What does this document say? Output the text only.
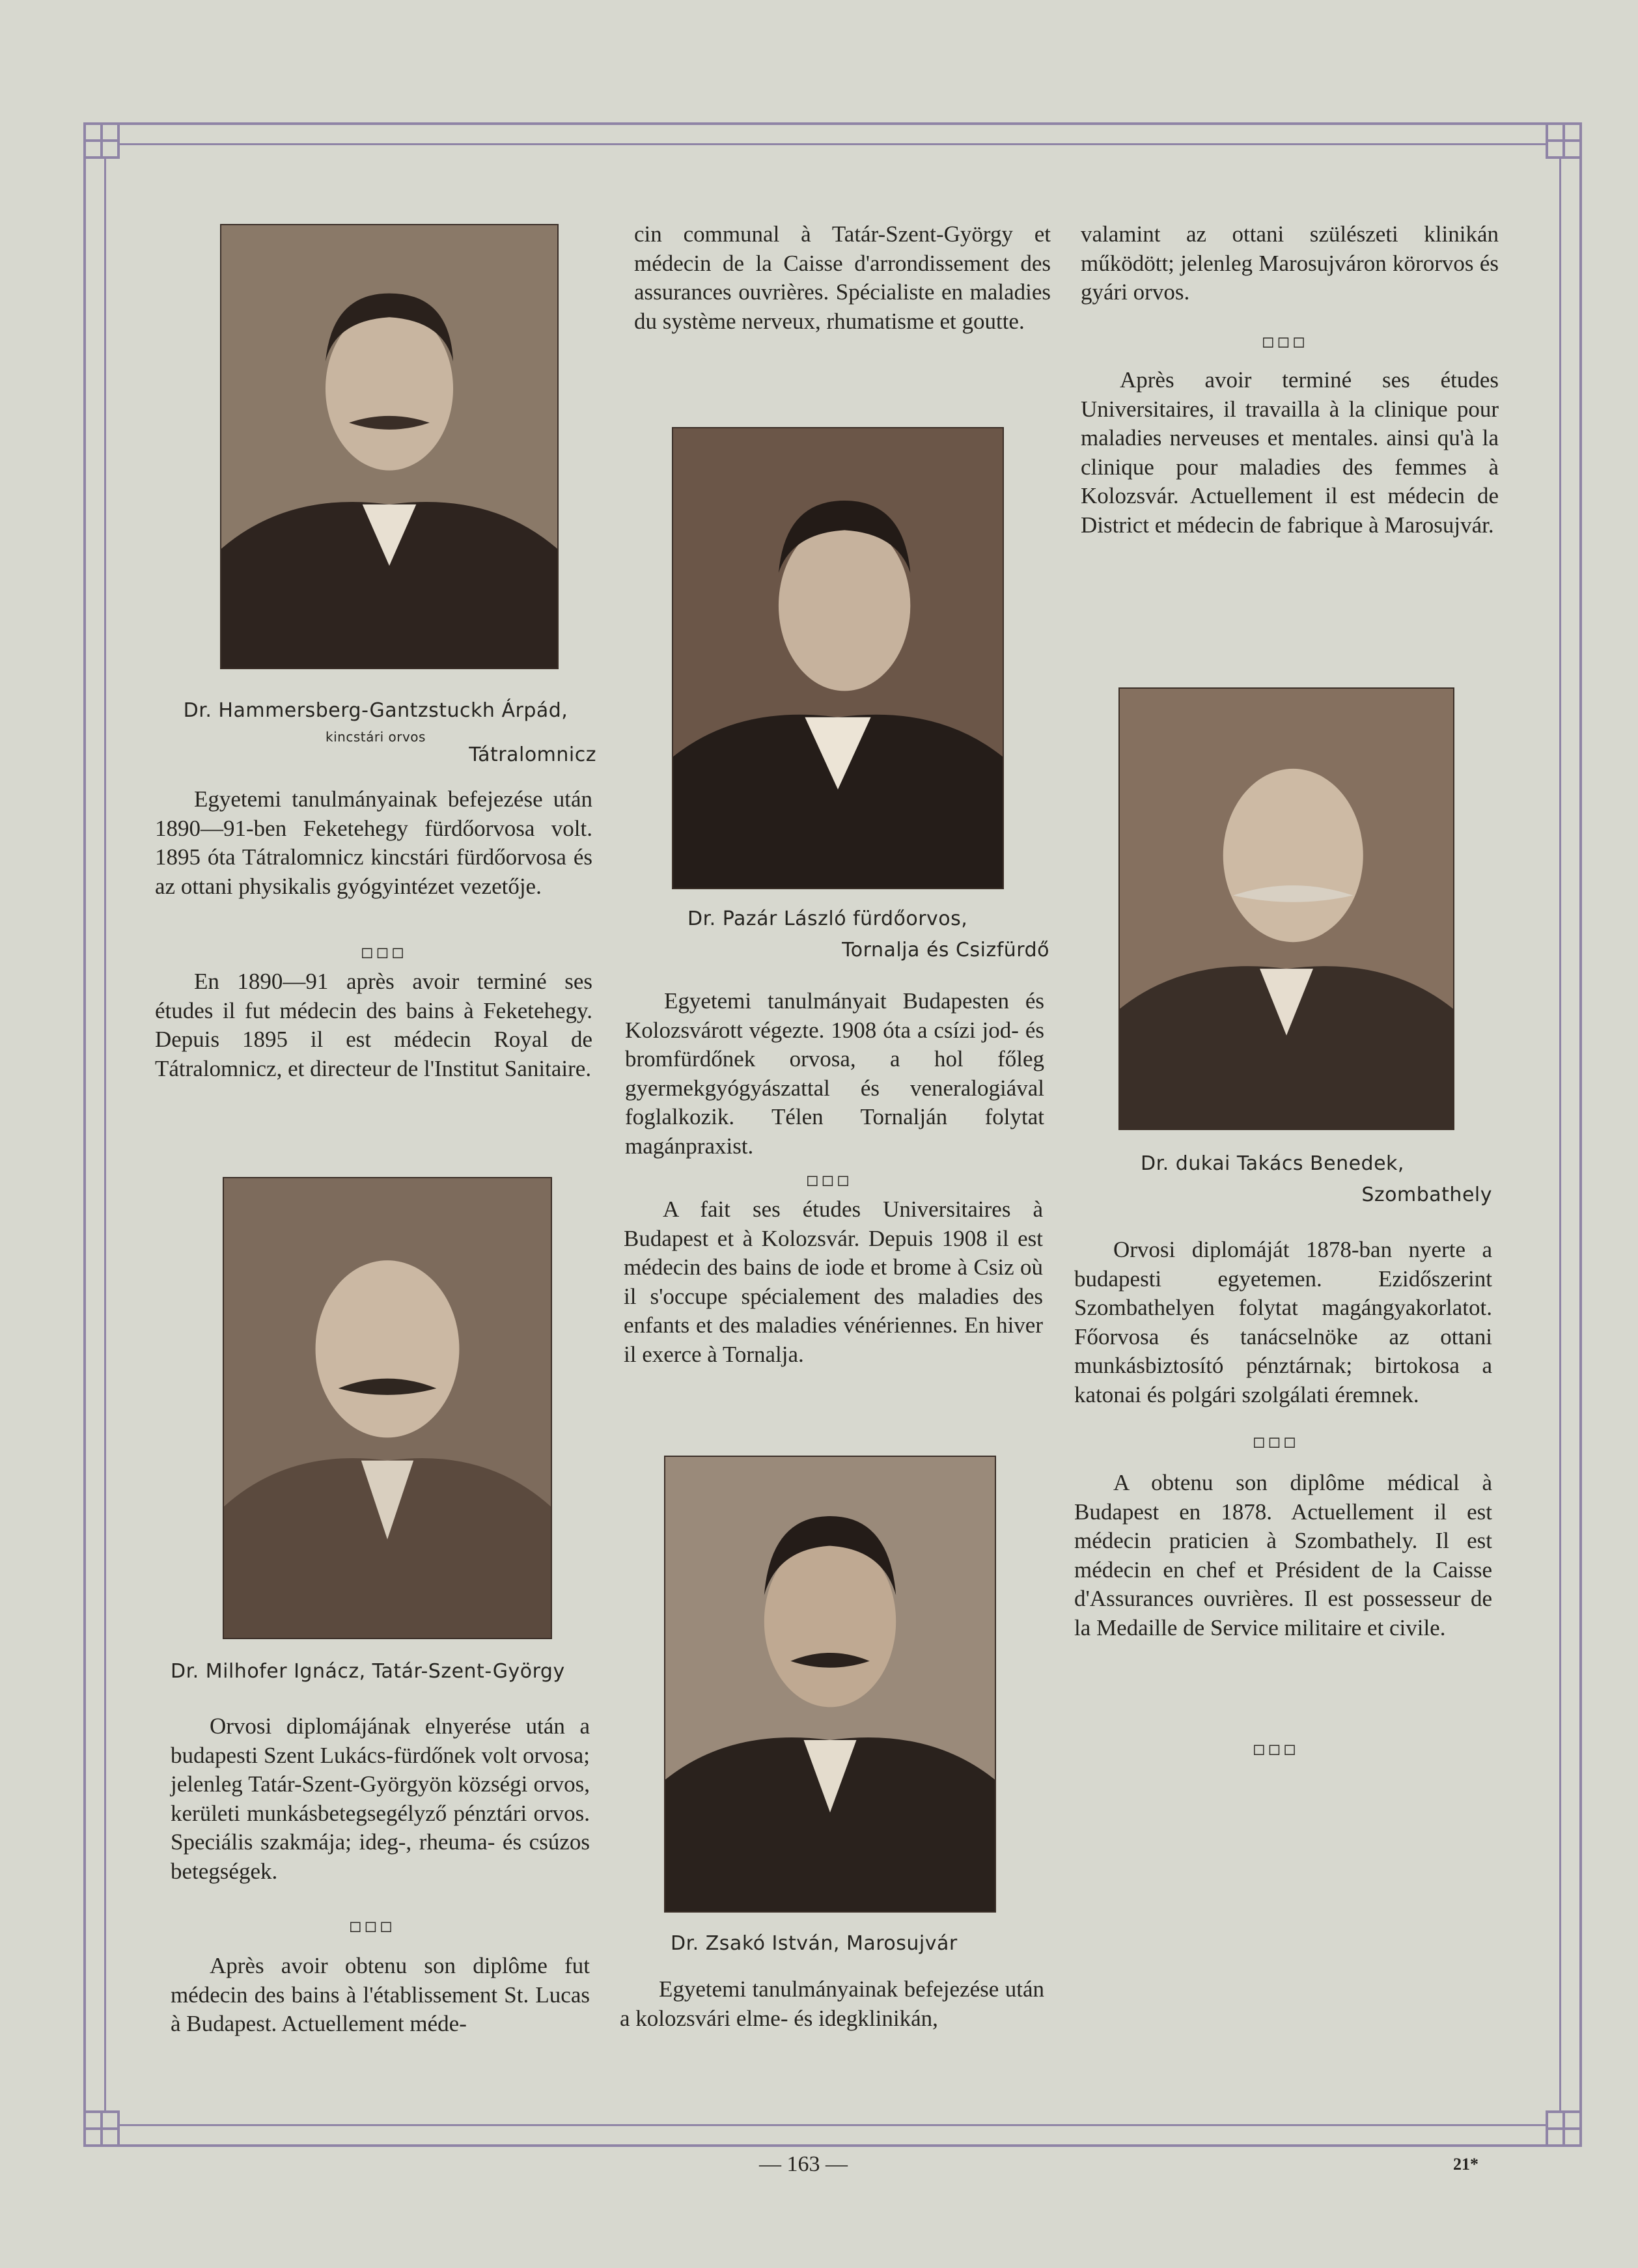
Dr. Hammersberg-Gantzstuckh Árpád,
kincstári orvos
Tátralomnicz

Egyetemi tanulmányainak befejezése után 1890—91-ben Feketehegy fürdőorvosa volt. 1895 óta Tátralomnicz kincstári fürdőorvosa és az ottani physikalis gyógyintézet vezetője.

□□□

En 1890—91 après avoir terminé ses études il fut médecin des bains à Feketehegy. Depuis 1895 il est médecin Royal de Tátralomnicz, et directeur de l'Institut Sanitaire.

Dr. Milhofer Ignácz, Tatár-Szent-György

Orvosi diplomájának elnyerése után a budapesti Szent Lukács-fürdőnek volt orvosa; jelenleg Tatár-Szent-Györgyön községi orvos, kerületi munkásbetegsegélyző pénztári orvos. Speciális szakmája; ideg-, rheuma- és csúzos betegségek.

□□□

Après avoir obtenu son diplôme fut médecin des bains à l'établissement St. Lucas à Budapest. Actuellement méde-

cin communal à Tatár-Szent-György et médecin de la Caisse d'arrondissement des assurances ouvrières. Spécialiste en maladies du système nerveux, rhumatisme et goutte.

Dr. Pazár László fürdőorvos,
Tornalja és Csizfürdő

Egyetemi tanulmányait Budapesten és Kolozsvárott végezte. 1908 óta a csízi jod- és bromfürdőnek orvosa, a hol főleg gyermekgyógyászattal és veneralogiával foglalkozik. Télen Tornalján folytat magánpraxist.

□□□

A fait ses études Universitaires à Budapest et à Kolozsvár. Depuis 1908 il est médecin des bains de iode et brome à Csiz où il s'occupe spécialement des maladies des enfants et des maladies vénériennes. En hiver il exerce à Tornalja.

Dr. Zsakó István, Marosujvár

Egyetemi tanulmányainak befejezése után a kolozsvári elme- és idegklinikán,

valamint az ottani szülészeti klinikán működött; jelenleg Marosujváron körorvos és gyári orvos.

□□□

Après avoir terminé ses études Universitaires, il travailla à la clinique pour maladies nerveuses et mentales. ainsi qu'à la clinique pour maladies des femmes à Kolozsvár. Actuellement il est médecin de District et médecin de fabrique à Marosujvár.

Dr. dukai Takács Benedek,
Szombathely

Orvosi diplomáját 1878-ban nyerte a budapesti egyetemen. Ezidőszerint Szombathelyen folytat magángyakorlatot. Főorvosa és tanácselnöke az ottani munkásbiztosító pénztárnak; birtokosa a katonai és polgári szolgálati éremnek.

□□□

A obtenu son diplôme médical à Budapest en 1878. Actuellement il est médecin praticien à Szombathely. Il est médecin en chef et Président de la Caisse d'Assurances ouvrières. Il est possesseur de la Medaille de Service militaire et civile.

□□□
— 163 —	21*
